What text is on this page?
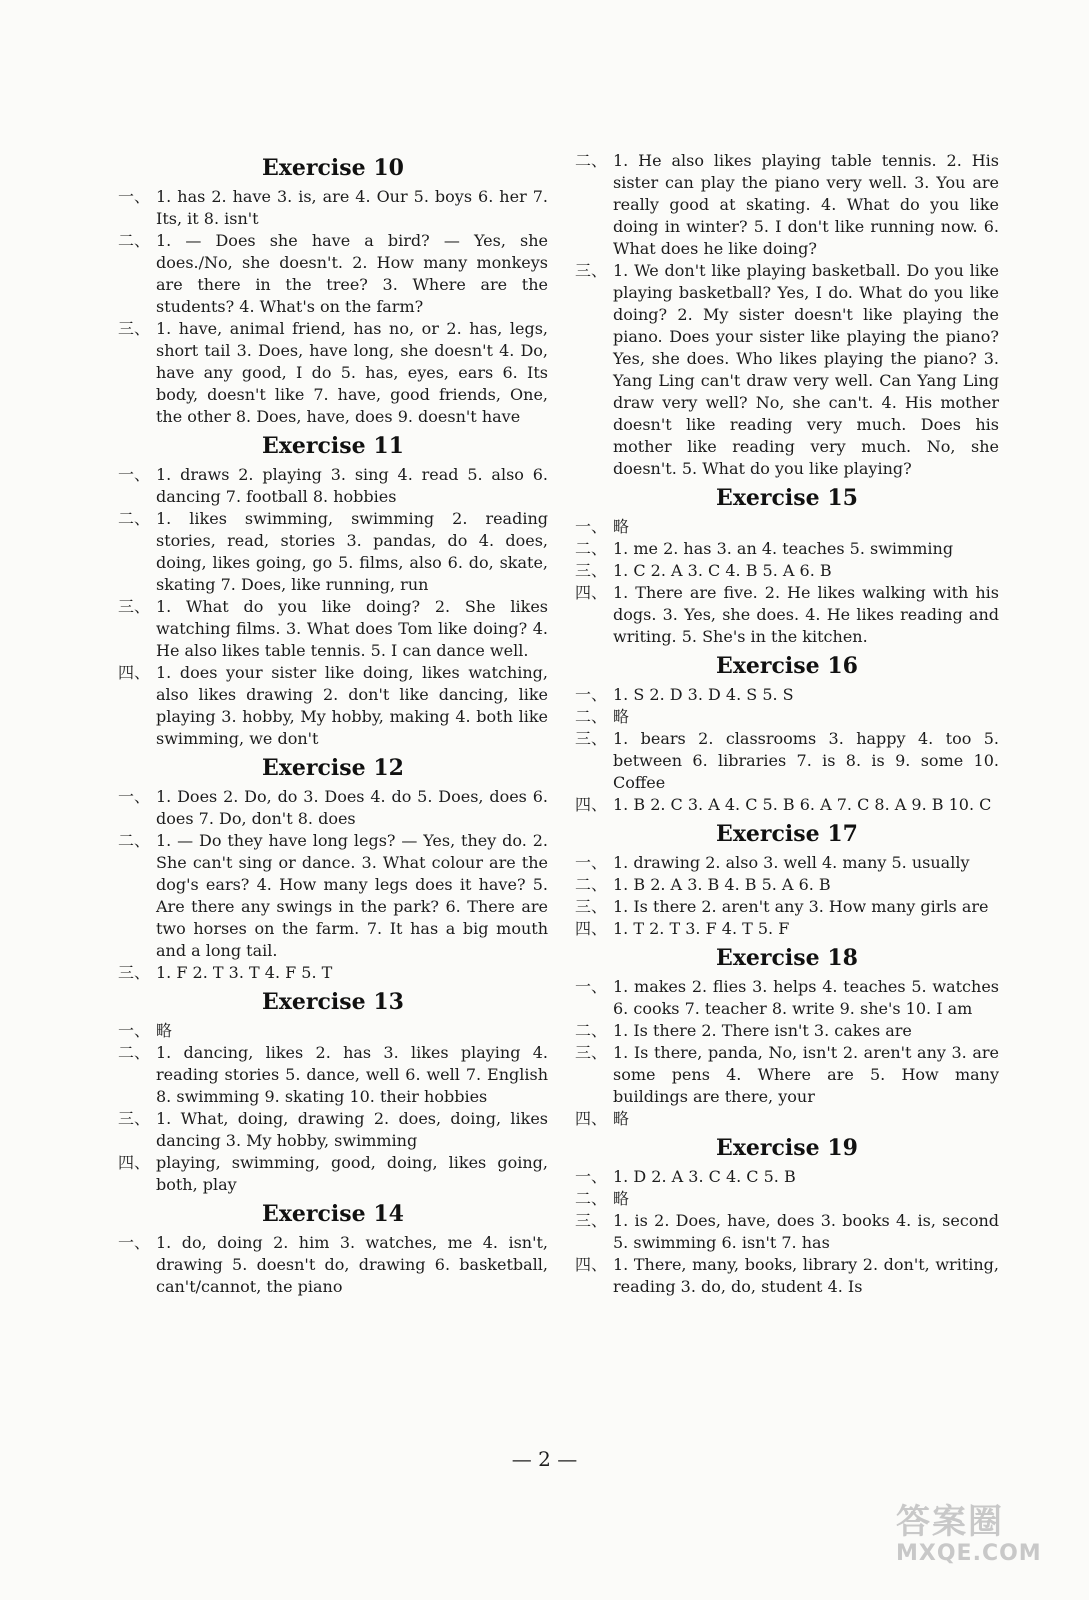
Exercise 10
一、 1. has 2. have 3. is, are 4. Our 5. boys 6. her 7. Its, it 8. isn't
二、 1. — Does she have a bird? — Yes, she does./No, she doesn't. 2. How many monkeys are there in the tree? 3. Where are the students? 4. What's on the farm?
三、 1. have, animal friend, has no, or 2. has, legs, short tail 3. Does, have long, she doesn't 4. Do, have any good, I do 5. has, eyes, ears 6. Its body, doesn't like 7. have, good friends, One, the other 8. Does, have, does 9. doesn't have
Exercise 11
一、 1. draws 2. playing 3. sing 4. read 5. also 6. dancing 7. football 8. hobbies
二、 1. likes swimming, swimming 2. reading stories, read, stories 3. pandas, do 4. does, doing, likes going, go 5. films, also 6. do, skate, skating 7. Does, like running, run
三、 1. What do you like doing? 2. She likes watching films. 3. What does Tom like doing? 4. He also likes table tennis. 5. I can dance well.
四、 1. does your sister like doing, likes watching, also likes drawing 2. don't like dancing, like playing 3. hobby, My hobby, making 4. both like swimming, we don't
Exercise 12
一、 1. Does 2. Do, do 3. Does 4. do 5. Does, does 6. does 7. Do, don't 8. does
二、 1. — Do they have long legs? — Yes, they do. 2. She can't sing or dance. 3. What colour are the dog's ears? 4. How many legs does it have? 5. Are there any swings in the park? 6. There are two horses on the farm. 7. It has a big mouth and a long tail.
三、 1. F 2. T 3. T 4. F 5. T
Exercise 13
一、 略
二、 1. dancing, likes 2. has 3. likes playing 4. reading stories 5. dance, well 6. well 7. English 8. swimming 9. skating 10. their hobbies
三、 1. What, doing, drawing 2. does, doing, likes dancing 3. My hobby, swimming
四、 playing, swimming, good, doing, likes going, both, play
Exercise 14
一、 1. do, doing 2. him 3. watches, me 4. isn't, drawing 5. doesn't do, drawing 6. basketball, can't/cannot, the piano
二、 1. He also likes playing table tennis. 2. His sister can play the piano very well. 3. You are really good at skating. 4. What do you like doing in winter? 5. I don't like running now. 6. What does he like doing?
三、 1. We don't like playing basketball. Do you like playing basketball? Yes, I do. What do you like doing? 2. My sister doesn't like playing the piano. Does your sister like playing the piano? Yes, she does. Who likes playing the piano? 3. Yang Ling can't draw very well. Can Yang Ling draw very well? No, she can't. 4. His mother doesn't like reading very much. Does his mother like reading very much. No, she doesn't. 5. What do you like playing?
Exercise 15
一、 略
二、 1. me 2. has 3. an 4. teaches 5. swimming
三、 1. C 2. A 3. C 4. B 5. A 6. B
四、 1. There are five. 2. He likes walking with his dogs. 3. Yes, she does. 4. He likes reading and writing. 5. She's in the kitchen.
Exercise 16
一、 1. S 2. D 3. D 4. S 5. S
二、 略
三、 1. bears 2. classrooms 3. happy 4. too 5. between 6. libraries 7. is 8. is 9. some 10. Coffee
四、 1. B 2. C 3. A 4. C 5. B 6. A 7. C 8. A 9. B 10. C
Exercise 17
一、 1. drawing 2. also 3. well 4. many 5. usually
二、 1. B 2. A 3. B 4. B 5. A 6. B
三、 1. Is there 2. aren't any 3. How many girls are
四、 1. T 2. T 3. F 4. T 5. F
Exercise 18
一、 1. makes 2. flies 3. helps 4. teaches 5. watches 6. cooks 7. teacher 8. write 9. she's 10. I am
二、 1. Is there 2. There isn't 3. cakes are
三、 1. Is there, panda, No, isn't 2. aren't any 3. are some pens 4. Where are 5. How many buildings are there, your
四、 略
Exercise 19
一、 1. D 2. A 3. C 4. C 5. B
二、 略
三、 1. is 2. Does, have, does 3. books 4. is, second 5. swimming 6. isn't 7. has
四、 1. There, many, books, library 2. don't, writing, reading 3. do, do, student 4. Is
— 2 —
答案圈
MXQE.COM
